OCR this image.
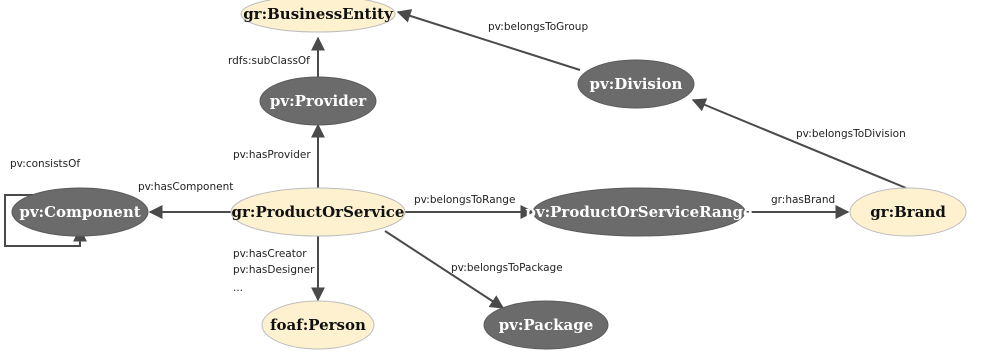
rdfs:subClassOf
pv:belongsToGroup
pv:belongsToDivision
pv:consistsOf
pv:hasComponent
pv:hasProvider
pv:belongsToRange	gr:hasBrand
pv:hasCreator
pv:hasDesigner
...
pv:belongsToPackage
gr:BusinessEntity
pv:Provider
pv:Division
pv:Component	gr:ProductOrService	pv:ProductOrServiceRange	gr:Brand
foaf:Person	pv:Package
